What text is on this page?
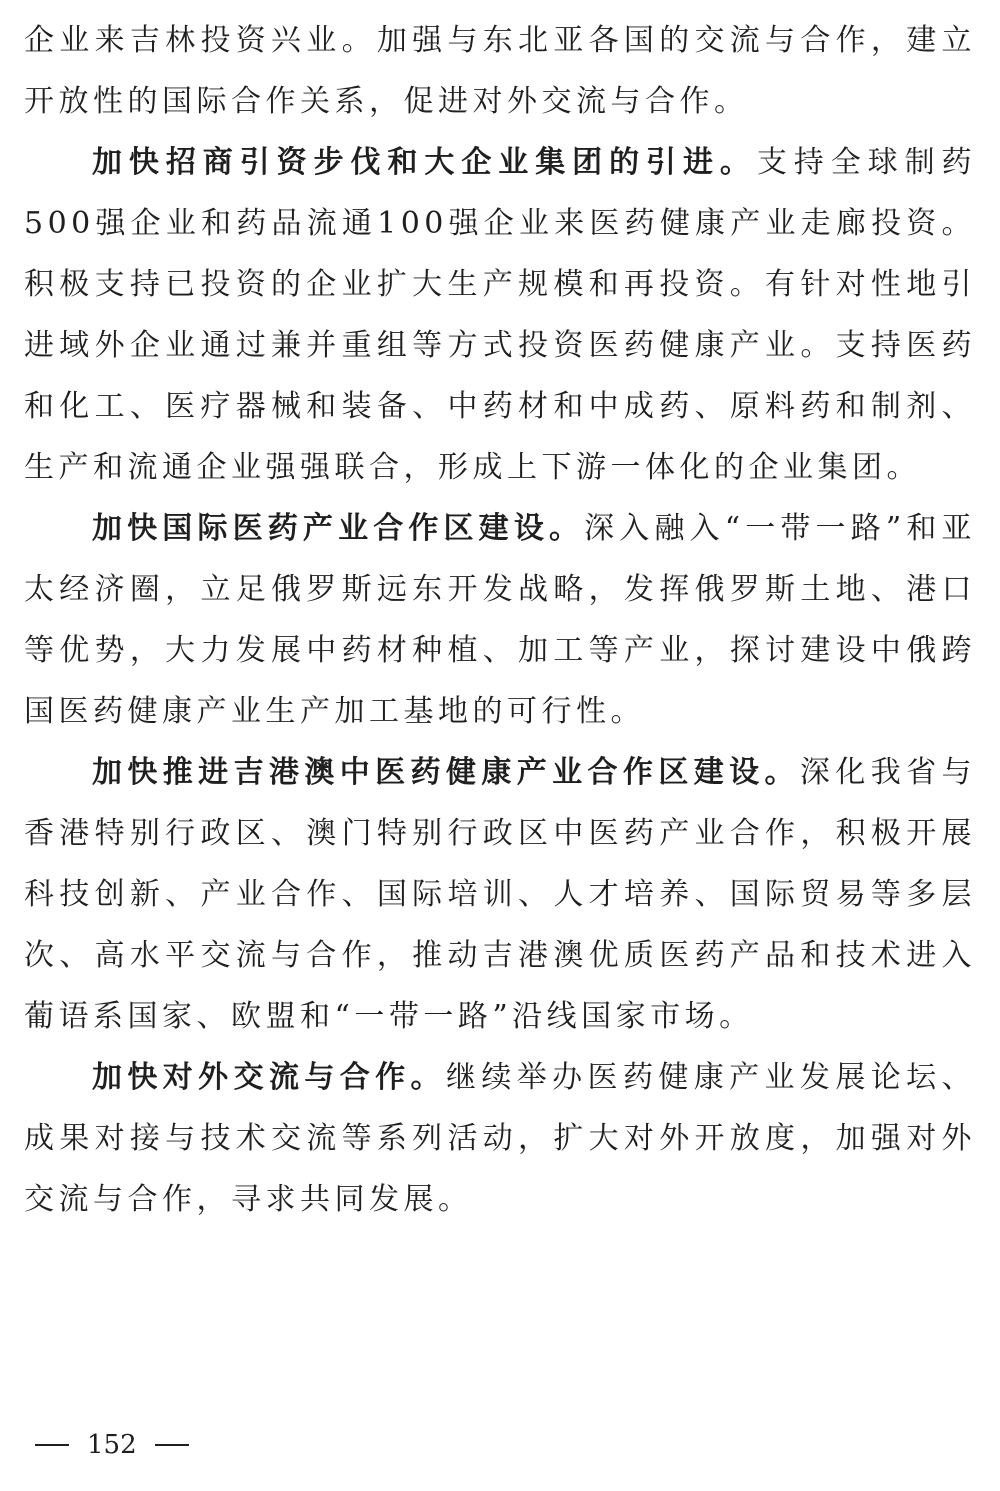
企业来吉林投资兴业。加强与东北亚各国的交流与合作，建立开放性的国际合作关系，促进对外交流与合作。

加快招商引资步伐和大企业集团的引进。支持全球制药500强企业和药品流通100强企业来医药健康产业走廊投资。积极支持已投资的企业扩大生产规模和再投资。有针对性地引进域外企业通过兼并重组等方式投资医药健康产业。支持医药和化工、医疗器械和装备、中药材和中成药、原料药和制剂、生产和流通企业强强联合，形成上下游一体化的企业集团。

加快国际医药产业合作区建设。深入融入“一带一路”和亚太经济圈，立足俄罗斯远东开发战略，发挥俄罗斯土地、港口等优势，大力发展中药材种植、加工等产业，探讨建设中俄跨国医药健康产业生产加工基地的可行性。

加快推进吉港澳中医药健康产业合作区建设。深化我省与香港特别行政区、澳门特别行政区中医药产业合作，积极开展科技创新、产业合作、国际培训、人才培养、国际贸易等多层次、高水平交流与合作，推动吉港澳优质医药产品和技术进入葡语系国家、欧盟和“一带一路”沿线国家市场。

加快对外交流与合作。继续举办医药健康产业发展论坛、成果对接与技术交流等系列活动，扩大对外开放度，加强对外交流与合作，寻求共同发展。

152
